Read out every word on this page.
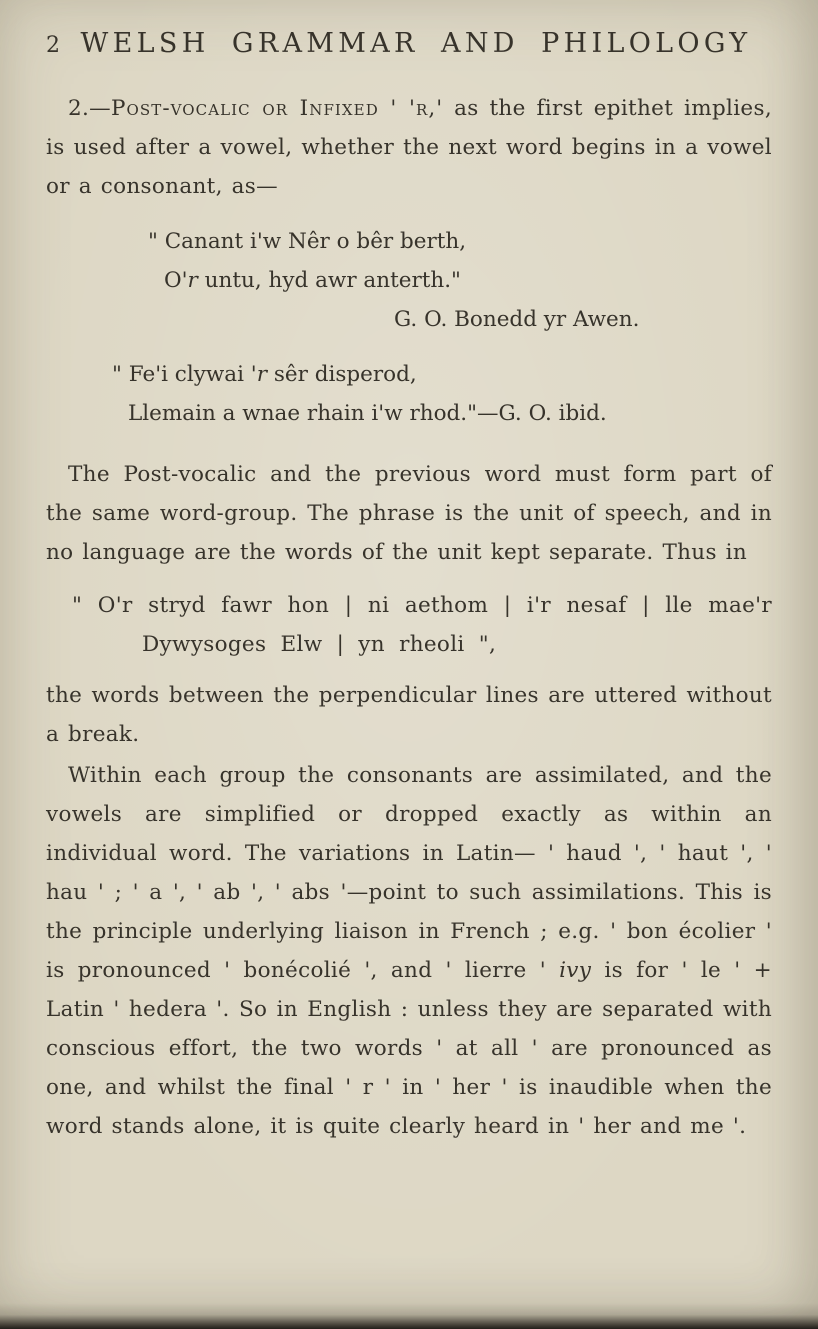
2 WELSH GRAMMAR AND PHILOLOGY

2.—Post-vocalic or Infixed ' 'r,' as the first epithet implies, is used after a vowel, whether the next word begins in a vowel or a consonant, as—

" Canant i'w Nêr o bêr berth,
O'r untu, hyd awr anterth."
G. O. Bonedd yr Awen.
" Fe'i clywai 'r sêr disperod,
Llemain a wnae rhain i'w rhod."—G. O. ibid.

The Post-vocalic and the previous word must form part of the same word-group. The phrase is the unit of speech, and in no language are the words of the unit kept separate. Thus in

" O'r stryd fawr hon | ni aethom | i'r nesaf | lle mae'r Dywysoges Elw | yn rheoli ",

the words between the perpendicular lines are uttered without a break.

Within each group the consonants are assimilated, and the vowels are simplified or dropped exactly as within an individual word. The variations in Latin— ' haud ', ' haut ', ' hau ' ; ' a ', ' ab ', ' abs '—point to such assimilations. This is the principle underlying liaison in French ; e.g. ' bon écolier ' is pronounced ' bonécolié ', and ' lierre ' ivy is for ' le ' + Latin ' hedera '. So in English : unless they are separated with conscious effort, the two words ' at all ' are pronounced as one, and whilst the final ' r ' in ' her ' is inaudible when the word stands alone, it is quite clearly heard in ' her and me '.
